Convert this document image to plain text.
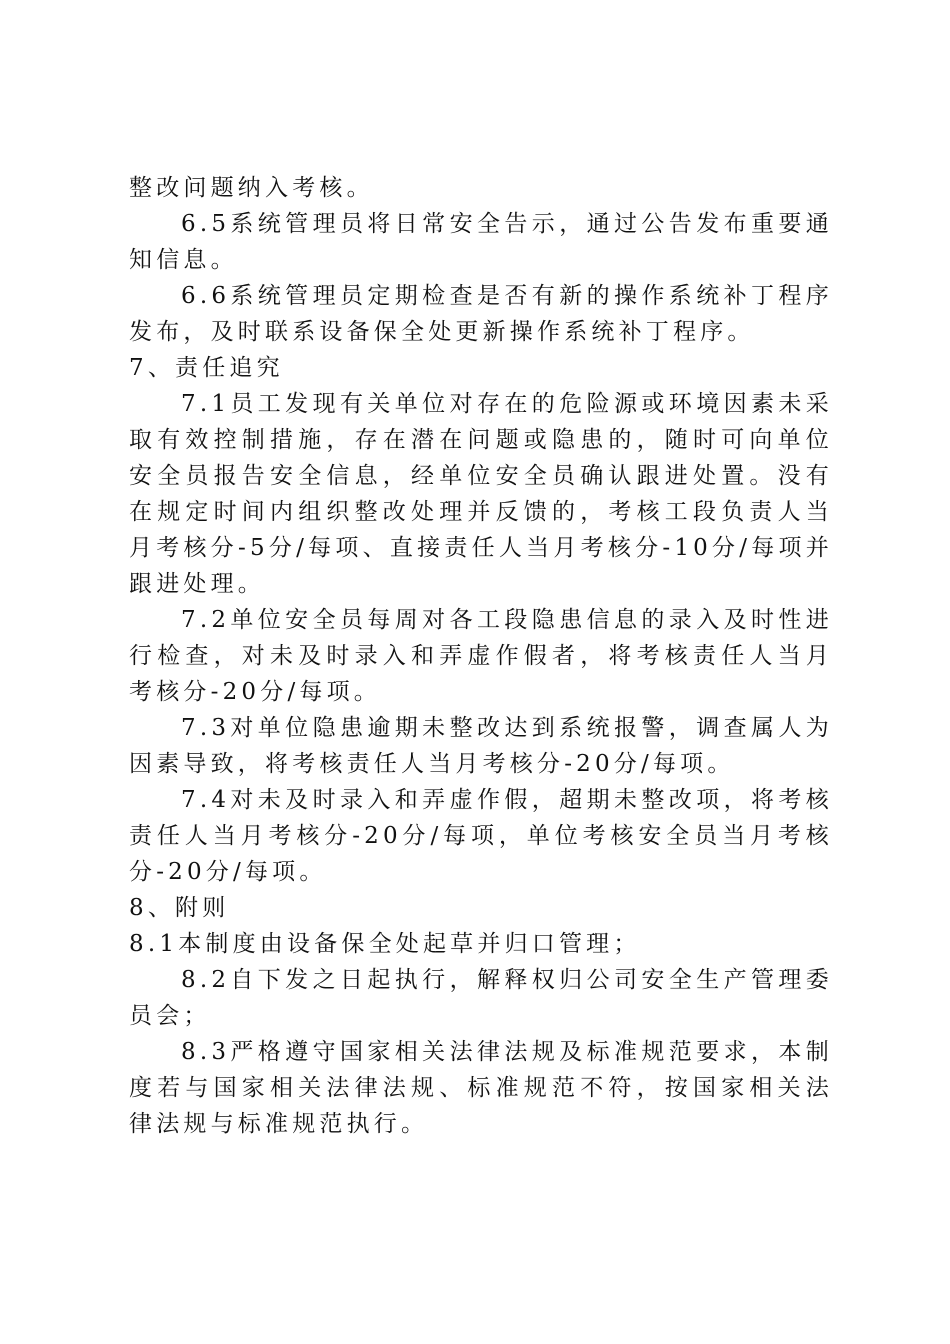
整改问题纳入考核。

6.5系统管理员将日常安全告示，通过公告发布重要通知信息。

6.6系统管理员定期检查是否有新的操作系统补丁程序发布，及时联系设备保全处更新操作系统补丁程序。

7、责任追究

7.1员工发现有关单位对存在的危险源或环境因素未采取有效控制措施，存在潜在问题或隐患的，随时可向单位安全员报告安全信息，经单位安全员确认跟进处置。没有在规定时间内组织整改处理并反馈的，考核工段负责人当月考核分-5分/每项、直接责任人当月考核分-10分/每项并跟进处理。

7.2单位安全员每周对各工段隐患信息的录入及时性进行检查，对未及时录入和弄虚作假者，将考核责任人当月考核分-20分/每项。

7.3对单位隐患逾期未整改达到系统报警，调查属人为因素导致，将考核责任人当月考核分-20分/每项。

7.4对未及时录入和弄虚作假，超期未整改项，将考核责任人当月考核分-20分/每项，单位考核安全员当月考核分-20分/每项。

8、附则

8.1本制度由设备保全处起草并归口管理；

8.2自下发之日起执行，解释权归公司安全生产管理委员会；

8.3严格遵守国家相关法律法规及标准规范要求，本制度若与国家相关法律法规、标准规范不符，按国家相关法律法规与标准规范执行。
